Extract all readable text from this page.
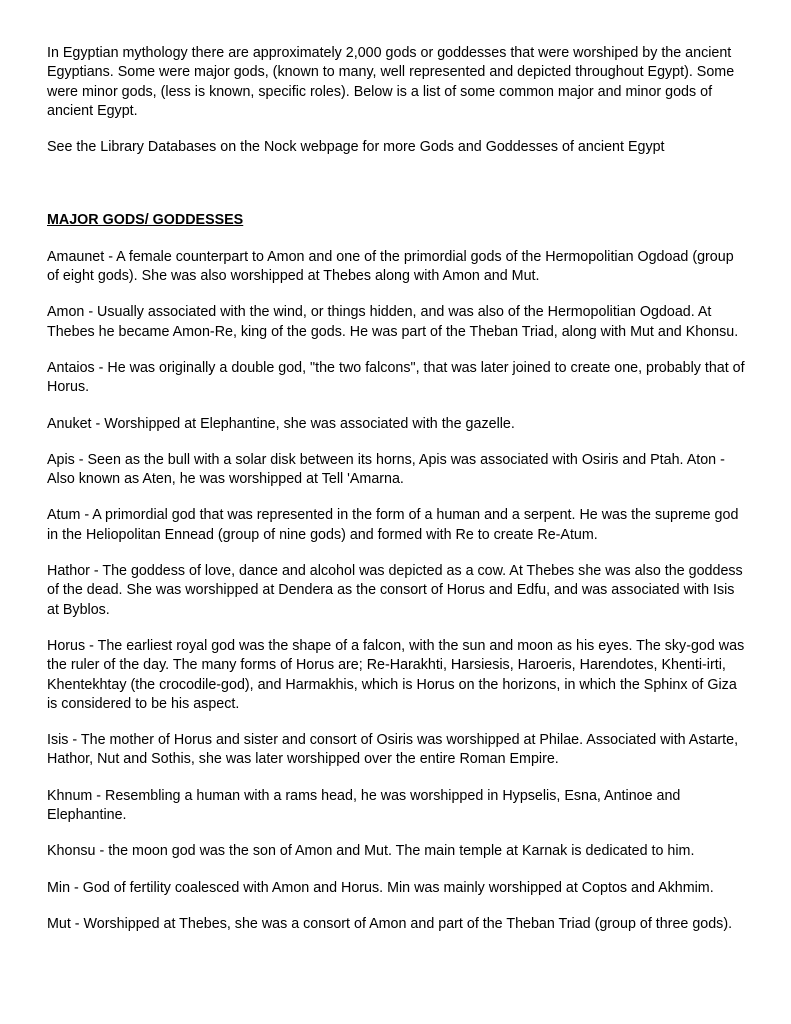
In Egyptian mythology there are approximately 2,000 gods or goddesses that were worshiped by the ancient Egyptians. Some were major gods, (known to many, well represented and depicted throughout Egypt). Some were minor gods, (less is known, specific roles). Below is a list of some common major and minor gods of ancient Egypt.

See the Library Databases on the Nock webpage for more Gods and Goddesses of ancient Egypt

MAJOR GODS/ GODDESSES

Amaunet - A female counterpart to Amon and one of the primordial gods of the Hermopolitian Ogdoad (group of eight gods). She was also worshipped at Thebes along with Amon and Mut.

Amon - Usually associated with the wind, or things hidden, and was also of the Hermopolitian Ogdoad. At Thebes he became Amon-Re, king of the gods. He was part of the Theban Triad, along with Mut and Khonsu.

Antaios - He was originally a double god, "the two falcons", that was later joined to create one, probably that of Horus.

Anuket - Worshipped at Elephantine, she was associated with the gazelle.

Apis - Seen as the bull with a solar disk between its horns, Apis was associated with Osiris and Ptah. Aton - Also known as Aten, he was worshipped at Tell 'Amarna.

Atum - A primordial god that was represented in the form of a human and a serpent. He was the supreme god in the Heliopolitan Ennead (group of nine gods) and formed with Re to create Re-Atum.

Hathor - The goddess of love, dance and alcohol was depicted as a cow. At Thebes she was also the goddess of the dead. She was worshipped at Dendera as the consort of Horus and Edfu, and was associated with Isis at Byblos.

Horus - The earliest royal god was the shape of a falcon, with the sun and moon as his eyes. The sky-god was the ruler of the day. The many forms of Horus are; Re-Harakhti, Harsiesis, Haroeris, Harendotes, Khenti-irti, Khentekhtay (the crocodile-god), and Harmakhis, which is Horus on the horizons, in which the Sphinx of Giza is considered to be his aspect.

Isis - The mother of Horus and sister and consort of Osiris was worshipped at Philae. Associated with Astarte, Hathor, Nut and Sothis, she was later worshipped over the entire Roman Empire.

Khnum - Resembling a human with a rams head, he was worshipped in Hypselis, Esna, Antinoe and Elephantine.

Khonsu - the moon god was the son of Amon and Mut. The main temple at Karnak is dedicated to him.

Min - God of fertility coalesced with Amon and Horus. Min was mainly worshipped at Coptos and Akhmim.

Mut - Worshipped at Thebes, she was a consort of Amon and part of the Theban Triad (group of three gods).
